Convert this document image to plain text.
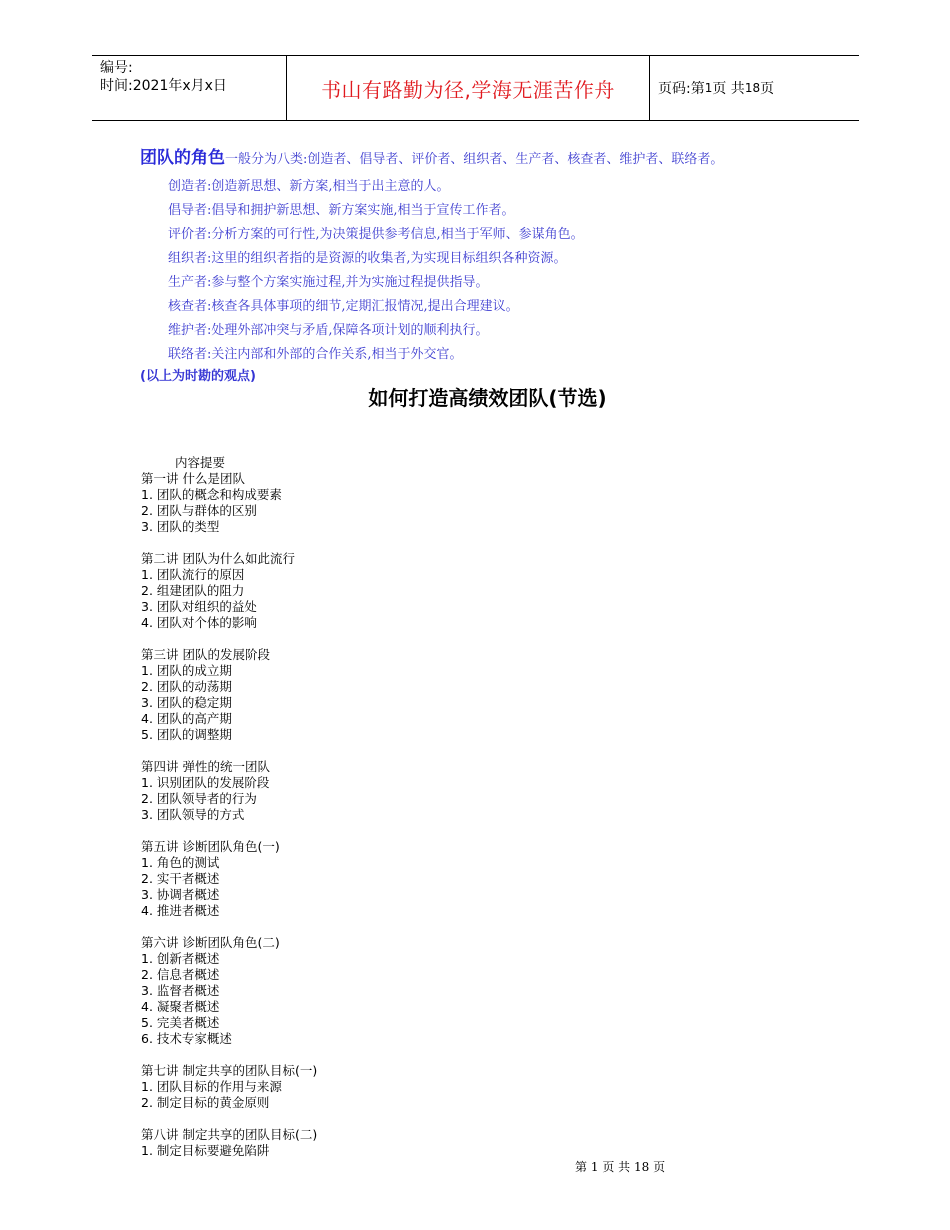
编号:
时间:2021年x月x日	书山有路勤为径,学海无涯苦作舟	页码:第 1 页 共 18 页
团队的角色一般分为八类:创造者、倡导者、评价者、组织者、生产者、核查者、维护者、联络者。
创造者:创造新思想、新方案,相当于出主意的人。
倡导者:倡导和拥护新思想、新方案实施,相当于宣传工作者。
评价者:分析方案的可行性,为决策提供参考信息,相当于军师、参谋角色。
组织者:这里的组织者指的是资源的收集者,为实现目标组织各种资源。
生产者:参与整个方案实施过程,并为实施过程提供指导。
核查者:核查各具体事项的细节,定期汇报情况,提出合理建议。
维护者:处理外部冲突与矛盾,保障各项计划的顺利执行。
联络者:关注内部和外部的合作关系,相当于外交官。
(以上为时勘的观点)
如何打造高绩效团队(节选)
内容提要
第一讲 什么是团队
1. 团队的概念和构成要素
2. 团队与群体的区别
3. 团队的类型
第二讲 团队为什么如此流行
1. 团队流行的原因
2. 组建团队的阻力
3. 团队对组织的益处
4. 团队对个体的影响
第三讲 团队的发展阶段
1. 团队的成立期
2. 团队的动荡期
3. 团队的稳定期
4. 团队的高产期
5. 团队的调整期
第四讲 弹性的统一团队
1. 识别团队的发展阶段
2. 团队领导者的行为
3. 团队领导的方式
第五讲 诊断团队角色(一)
1. 角色的测试
2. 实干者概述
3. 协调者概述
4. 推进者概述
第六讲 诊断团队角色(二)
1. 创新者概述
2. 信息者概述
3. 监督者概述
4. 凝聚者概述
5. 完美者概述
6. 技术专家概述
第七讲 制定共享的团队目标(一)
1. 团队目标的作用与来源
2. 制定目标的黄金原则
第八讲 制定共享的团队目标(二)
1. 制定目标要避免陷阱
第 1 页 共 18 页
